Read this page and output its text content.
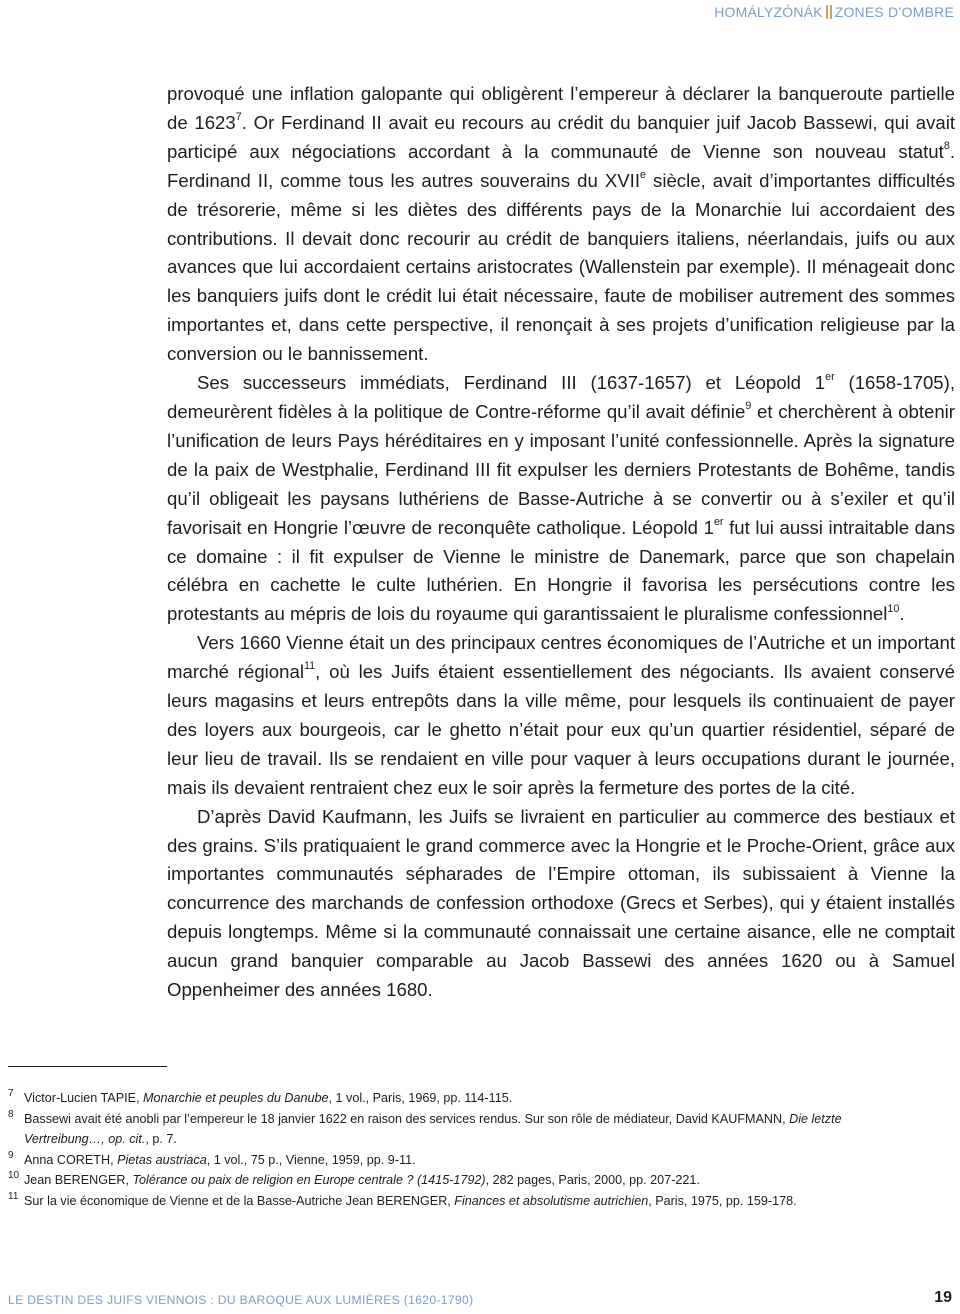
HOMÁLYZÓNÁK ZONES D’OMBRE

provoqué une inflation galopante qui obligèrent l’empereur à déclarer la banqueroute partielle de 1623$^7$. Or Ferdinand II avait eu recours au crédit du banquier juif Jacob Bassewi, qui avait participé aux négociations accordant à la communauté de Vienne son nouveau statut$^8$. Ferdinand II, comme tous les autres souverains du XVIIe siècle, avait d’importantes difficultés de trésorerie, même si les diètes des différents pays de la Monarchie lui accordaient des contributions. Il devait donc recourir au crédit de banquiers italiens, néerlandais, juifs ou aux avances que lui accordaient certains aristocrates (Wallenstein par exemple). Il ménageait donc les banquiers juifs dont le crédit lui était nécessaire, faute de mobiliser autrement des sommes importantes et, dans cette perspective, il renonçait à ses projets d’unification religieuse par la conversion ou le bannissement.

Ses successeurs immédiats, Ferdinand III (1637-1657) et Léopold 1er (1658-1705), demeurèrent fidèles à la politique de Contre-réforme qu’il avait définie$^9$ et cherchèrent à obtenir l’unification de leurs Pays héréditaires en y imposant l’unité confessionnelle. Après la signature de la paix de Westphalie, Ferdinand III fit expulser les derniers Protestants de Bohême, tandis qu’il obligeait les paysans luthériens de Basse-Autriche à se convertir ou à s’exiler et qu’il favorisait en Hongrie l’œuvre de reconquête catholique. Léopold 1er fut lui aussi intraitable dans ce domaine : il fit expulser de Vienne le ministre de Danemark, parce que son chapelain célébra en cachette le culte luthérien. En Hongrie il favorisa les persécutions contre les protestants au mépris de lois du royaume qui garantissaient le pluralisme confessionnel$^{10}$.

Vers 1660 Vienne était un des principaux centres économiques de l’Autriche et un important marché régional$^{11}$, où les Juifs étaient essentiellement des négociants. Ils avaient conservé leurs magasins et leurs entrepôts dans la ville même, pour lesquels ils continuaient de payer des loyers aux bourgeois, car le ghetto n’était pour eux qu’un quartier résidentiel, séparé de leur lieu de travail. Ils se rendaient en ville pour vaquer à leurs occupations durant le journée, mais ils devaient rentraient chez eux le soir après la fermeture des portes de la cité.

D’après David Kaufmann, les Juifs se livraient en particulier au commerce des bestiaux et des grains. S’ils pratiquaient le grand commerce avec la Hongrie et le Proche-Orient, grâce aux importantes communautés sépharades de l’Empire ottoman, ils subissaient à Vienne la concurrence des marchands de confession orthodoxe (Grecs et Serbes), qui y étaient installés depuis longtemps. Même si la communauté connaissait une certaine aisance, elle ne comptait aucun grand banquier comparable au Jacob Bassewi des années 1620 ou à Samuel Oppenheimer des années 1680.

7 Victor-Lucien TAPIE, Monarchie et peuples du Danube, 1 vol., Paris, 1969, pp. 114-115.

8 Bassewi avait été anobli par l’empereur le 18 janvier 1622 en raison des services rendus. Sur son rôle de médiateur, David KAUFMANN, Die letzte
Vertreibung…, op. cit., p. 7.

9 Anna CORETH, Pietas austriaca, 1 vol., 75 p., Vienne, 1959, pp. 9-11.

10 Jean BERENGER, Tolérance ou paix de religion en Europe centrale ? (1415-1792), 282 pages, Paris, 2000, pp. 207-221.

11 Sur la vie économique de Vienne et de la Basse-Autriche Jean BERENGER, Finances et absolutisme autrichien, Paris, 1975, pp. 159-178.

LE DESTIN DES JUIFS VIENNOIS : DU BAROQUE AUX LUMIÈRES (1620-1790)	19
